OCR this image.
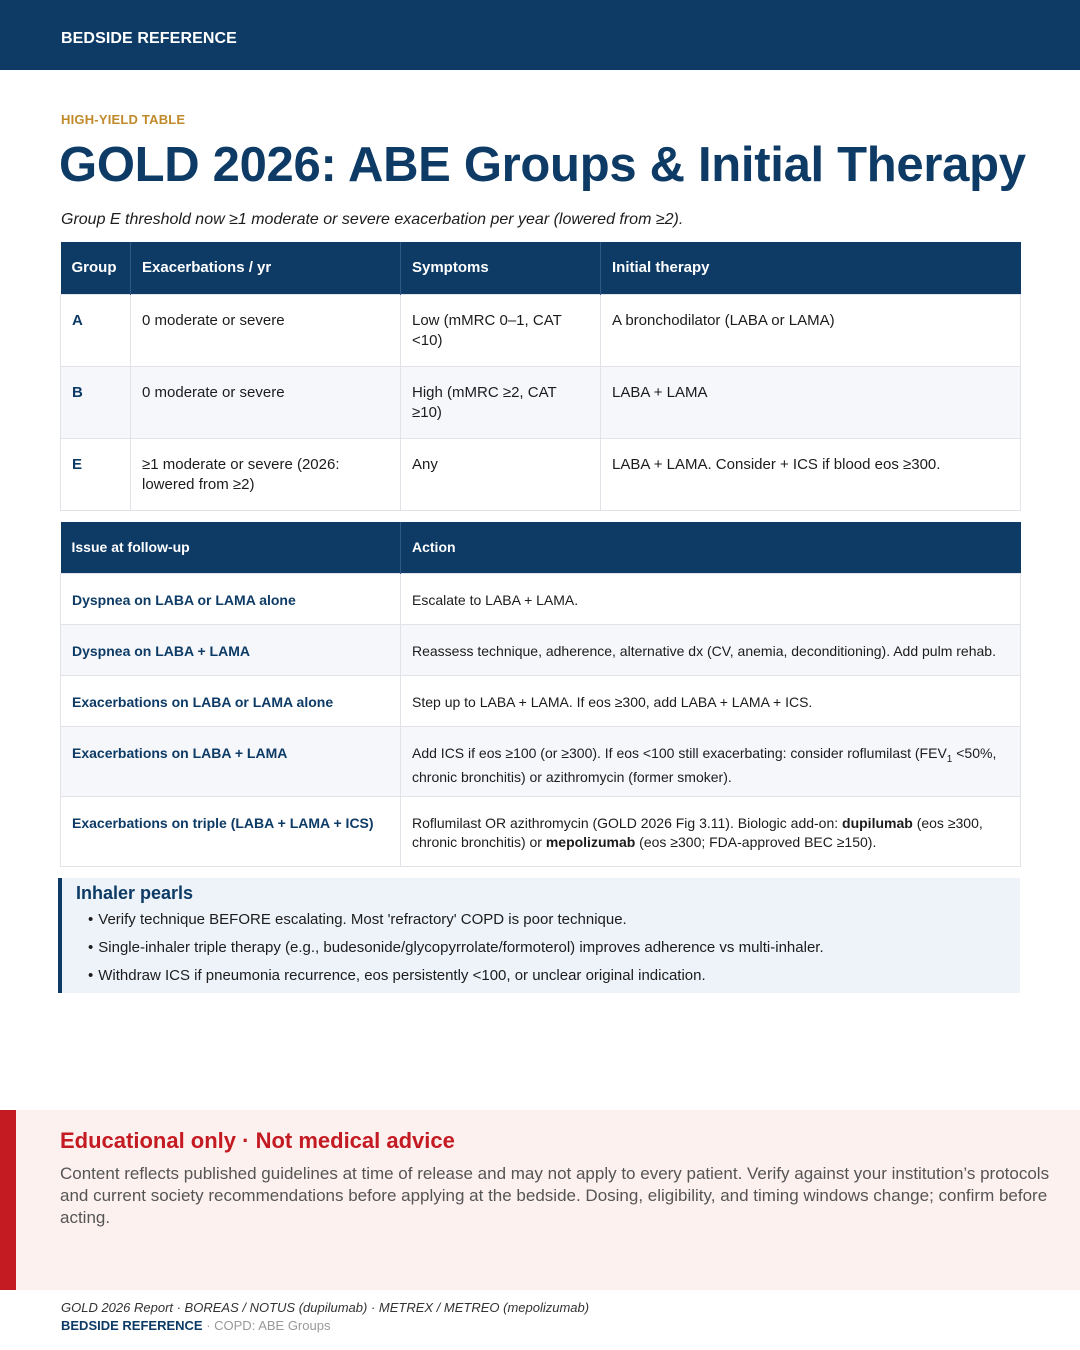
BEDSIDE REFERENCE
HIGH-YIELD TABLE
GOLD 2026: ABE Groups & Initial Therapy

Group E threshold now ≥1 moderate or severe exacerbation per year (lowered from ≥2).

Group	Exacerbations / yr	Symptoms	Initial therapy
A	0 moderate or severe	Low (mMRC 0–1, CAT <10)	A bronchodilator (LABA or LAMA)
B	0 moderate or severe	High (mMRC ≥2, CAT ≥10)	LABA + LAMA
E	≥1 moderate or severe (2026: lowered from ≥2)	Any	LABA + LAMA. Consider + ICS if blood eos ≥300.
Issue at follow-up	Action
Dyspnea on LABA or LAMA alone	Escalate to LABA + LAMA.
Dyspnea on LABA + LAMA	Reassess technique, adherence, alternative dx (CV, anemia, deconditioning). Add pulm rehab.
Exacerbations on LABA or LAMA alone	Step up to LABA + LAMA. If eos ≥300, add LABA + LAMA + ICS.
Exacerbations on LABA + LAMA	Add ICS if eos ≥100 (or ≥300). If eos <100 still exacerbating: consider roflumilast ($FEV_1 <50\%$, chronic bronchitis) or azithromycin (former smoker).
Exacerbations on triple (LABA + LAMA + ICS)	Roflumilast OR azithromycin (GOLD 2026 Fig 3.11). Biologic add-on: dupilumab (eos ≥300, chronic bronchitis) or mepolizumab (eos ≥300; FDA-approved BEC ≥150).
Inhaler pearls
• Verify technique BEFORE escalating. Most 'refractory' COPD is poor technique.
• Single-inhaler triple therapy (e.g., budesonide/glycopyrrolate/formoterol) improves adherence vs multi-inhaler.
• Withdraw ICS if pneumonia recurrence, eos persistently <100, or unclear original indication.
Educational only · Not medical advice
Content reflects published guidelines at time of release and may not apply to every patient. Verify against your institution’s protocols and current society recommendations before applying at the bedside. Dosing, eligibility, and timing windows change; confirm before acting.
GOLD 2026 Report · BOREAS / NOTUS (dupilumab) · METREX / METREO (mepolizumab)
BEDSIDE REFERENCE · COPD: ABE Groups
